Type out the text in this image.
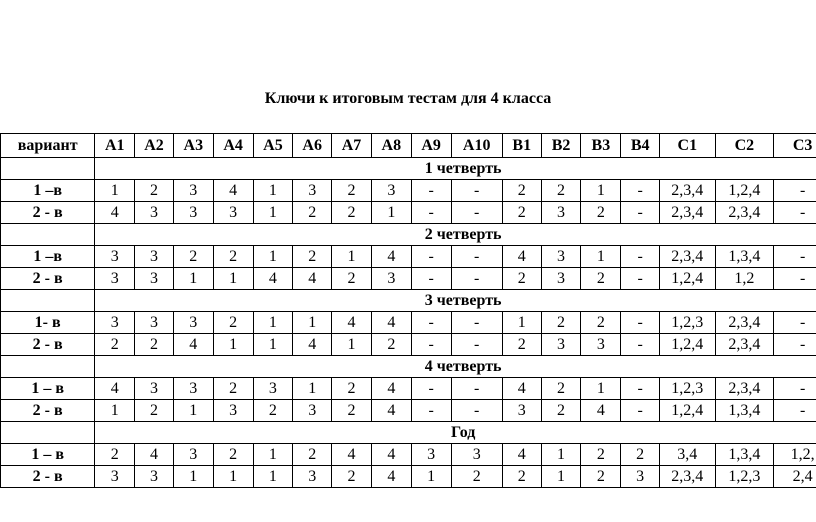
Ключи к итоговым тестам для 4 класса
вариант	А1	А2	А3	А4	А5	А6	А7	А8	А9	А10	В1	В2	В3	В4	С1	С2	С3
	1 четверть																
1 –в	1	2	3	4	1	3	2	3	-	-	2	2	1	-	2,3,4	1,2,4	-
2 - в	4	3	3	3	1	2	2	1	-	-	2	3	2	-	2,3,4	2,3,4	-
	2 четверть																
1 –в	3	3	2	2	1	2	1	4	-	-	4	3	1	-	2,3,4	1,3,4	-
2 - в	3	3	1	1	4	4	2	3	-	-	2	3	2	-	1,2,4	1,2	-
	3 четверть																
1- в	3	3	3	2	1	1	4	4	-	-	1	2	2	-	1,2,3	2,3,4	-
2 - в	2	2	4	1	1	4	1	2	-	-	2	3	3	-	1,2,4	2,3,4	-
	4 четверть																
1 – в	4	3	3	2	3	1	2	4	-	-	4	2	1	-	1,2,3	2,3,4	-
2 - в	1	2	1	3	2	3	2	4	-	-	3	2	4	-	1,2,4	1,3,4	-
	Год																
1 – в	2	4	3	2	1	2	4	4	3	3	4	1	2	2	3,4	1,3,4	1,2,
2 - в	3	3	1	1	1	3	2	4	1	2	2	1	2	3	2,3,4	1,2,3	2,4
